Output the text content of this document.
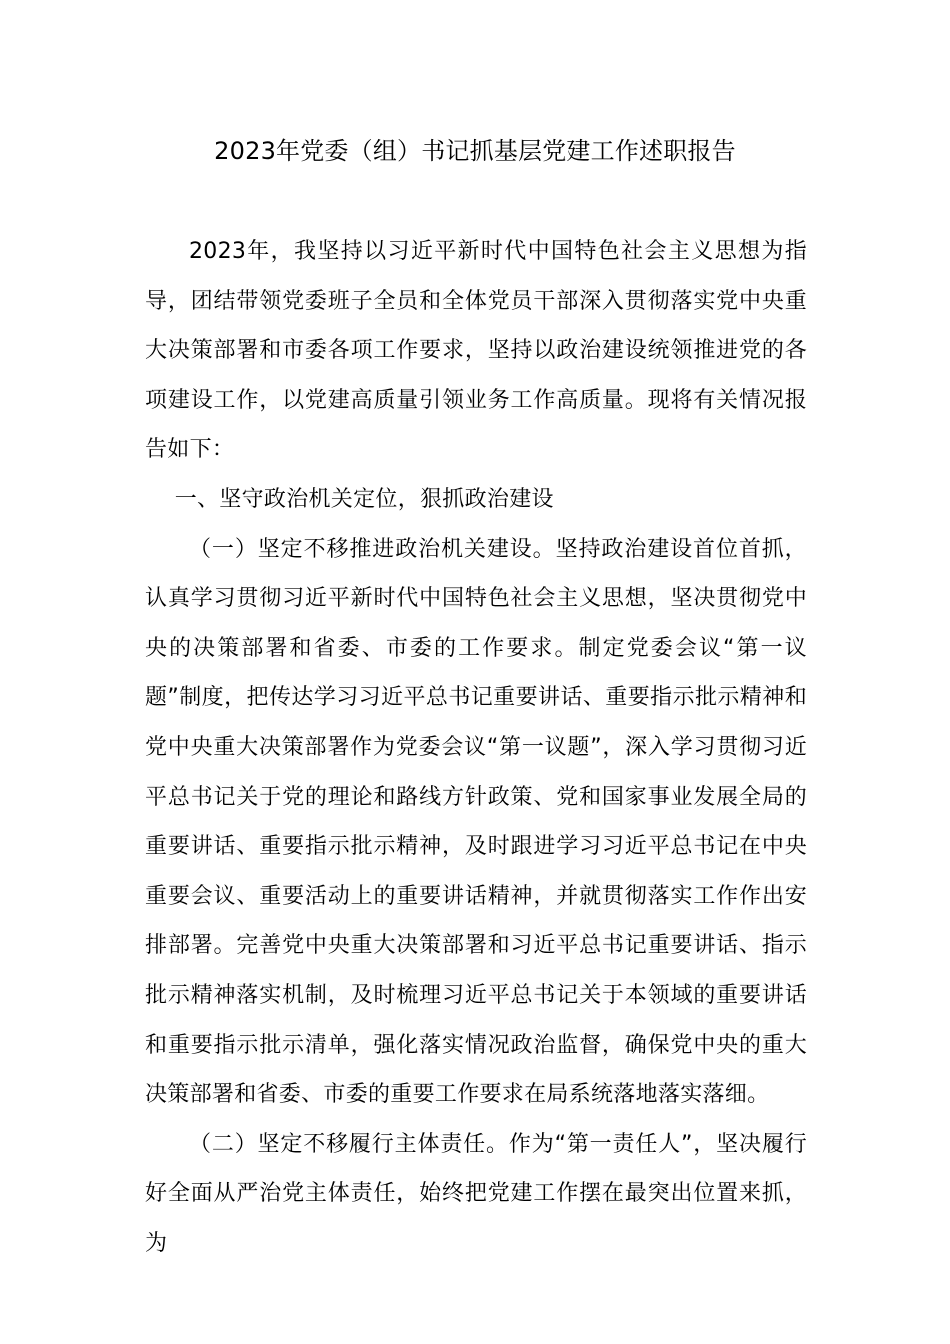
2023年党委（组）书记抓基层党建工作述职报告

2023年，我坚持以习近平新时代中国特色社会主义思想为指导，团结带领党委班子全员和全体党员干部深入贯彻落实党中央重大决策部署和市委各项工作要求，坚持以政治建设统领推进党的各项建设工作，以党建高质量引领业务工作高质量。现将有关情况报告如下：

一、坚守政治机关定位，狠抓政治建设

（一）坚定不移推进政治机关建设。坚持政治建设首位首抓，认真学习贯彻习近平新时代中国特色社会主义思想，坚决贯彻党中央的决策部署和省委、市委的工作要求。制定党委会议“第一议题”制度，把传达学习习近平总书记重要讲话、重要指示批示精神和党中央重大决策部署作为党委会议“第一议题”，深入学习贯彻习近平总书记关于党的理论和路线方针政策、党和国家事业发展全局的重要讲话、重要指示批示精神，及时跟进学习习近平总书记在中央重要会议、重要活动上的重要讲话精神，并就贯彻落实工作作出安排部署。完善党中央重大决策部署和习近平总书记重要讲话、指示批示精神落实机制，及时梳理习近平总书记关于本领域的重要讲话和重要指示批示清单，强化落实情况政治监督，确保党中央的重大决策部署和省委、市委的重要工作要求在局系统落地落实落细。

（二）坚定不移履行主体责任。作为“第一责任人”，坚决履行好全面从严治党主体责任，始终把党建工作摆在最突出位置来抓，为
